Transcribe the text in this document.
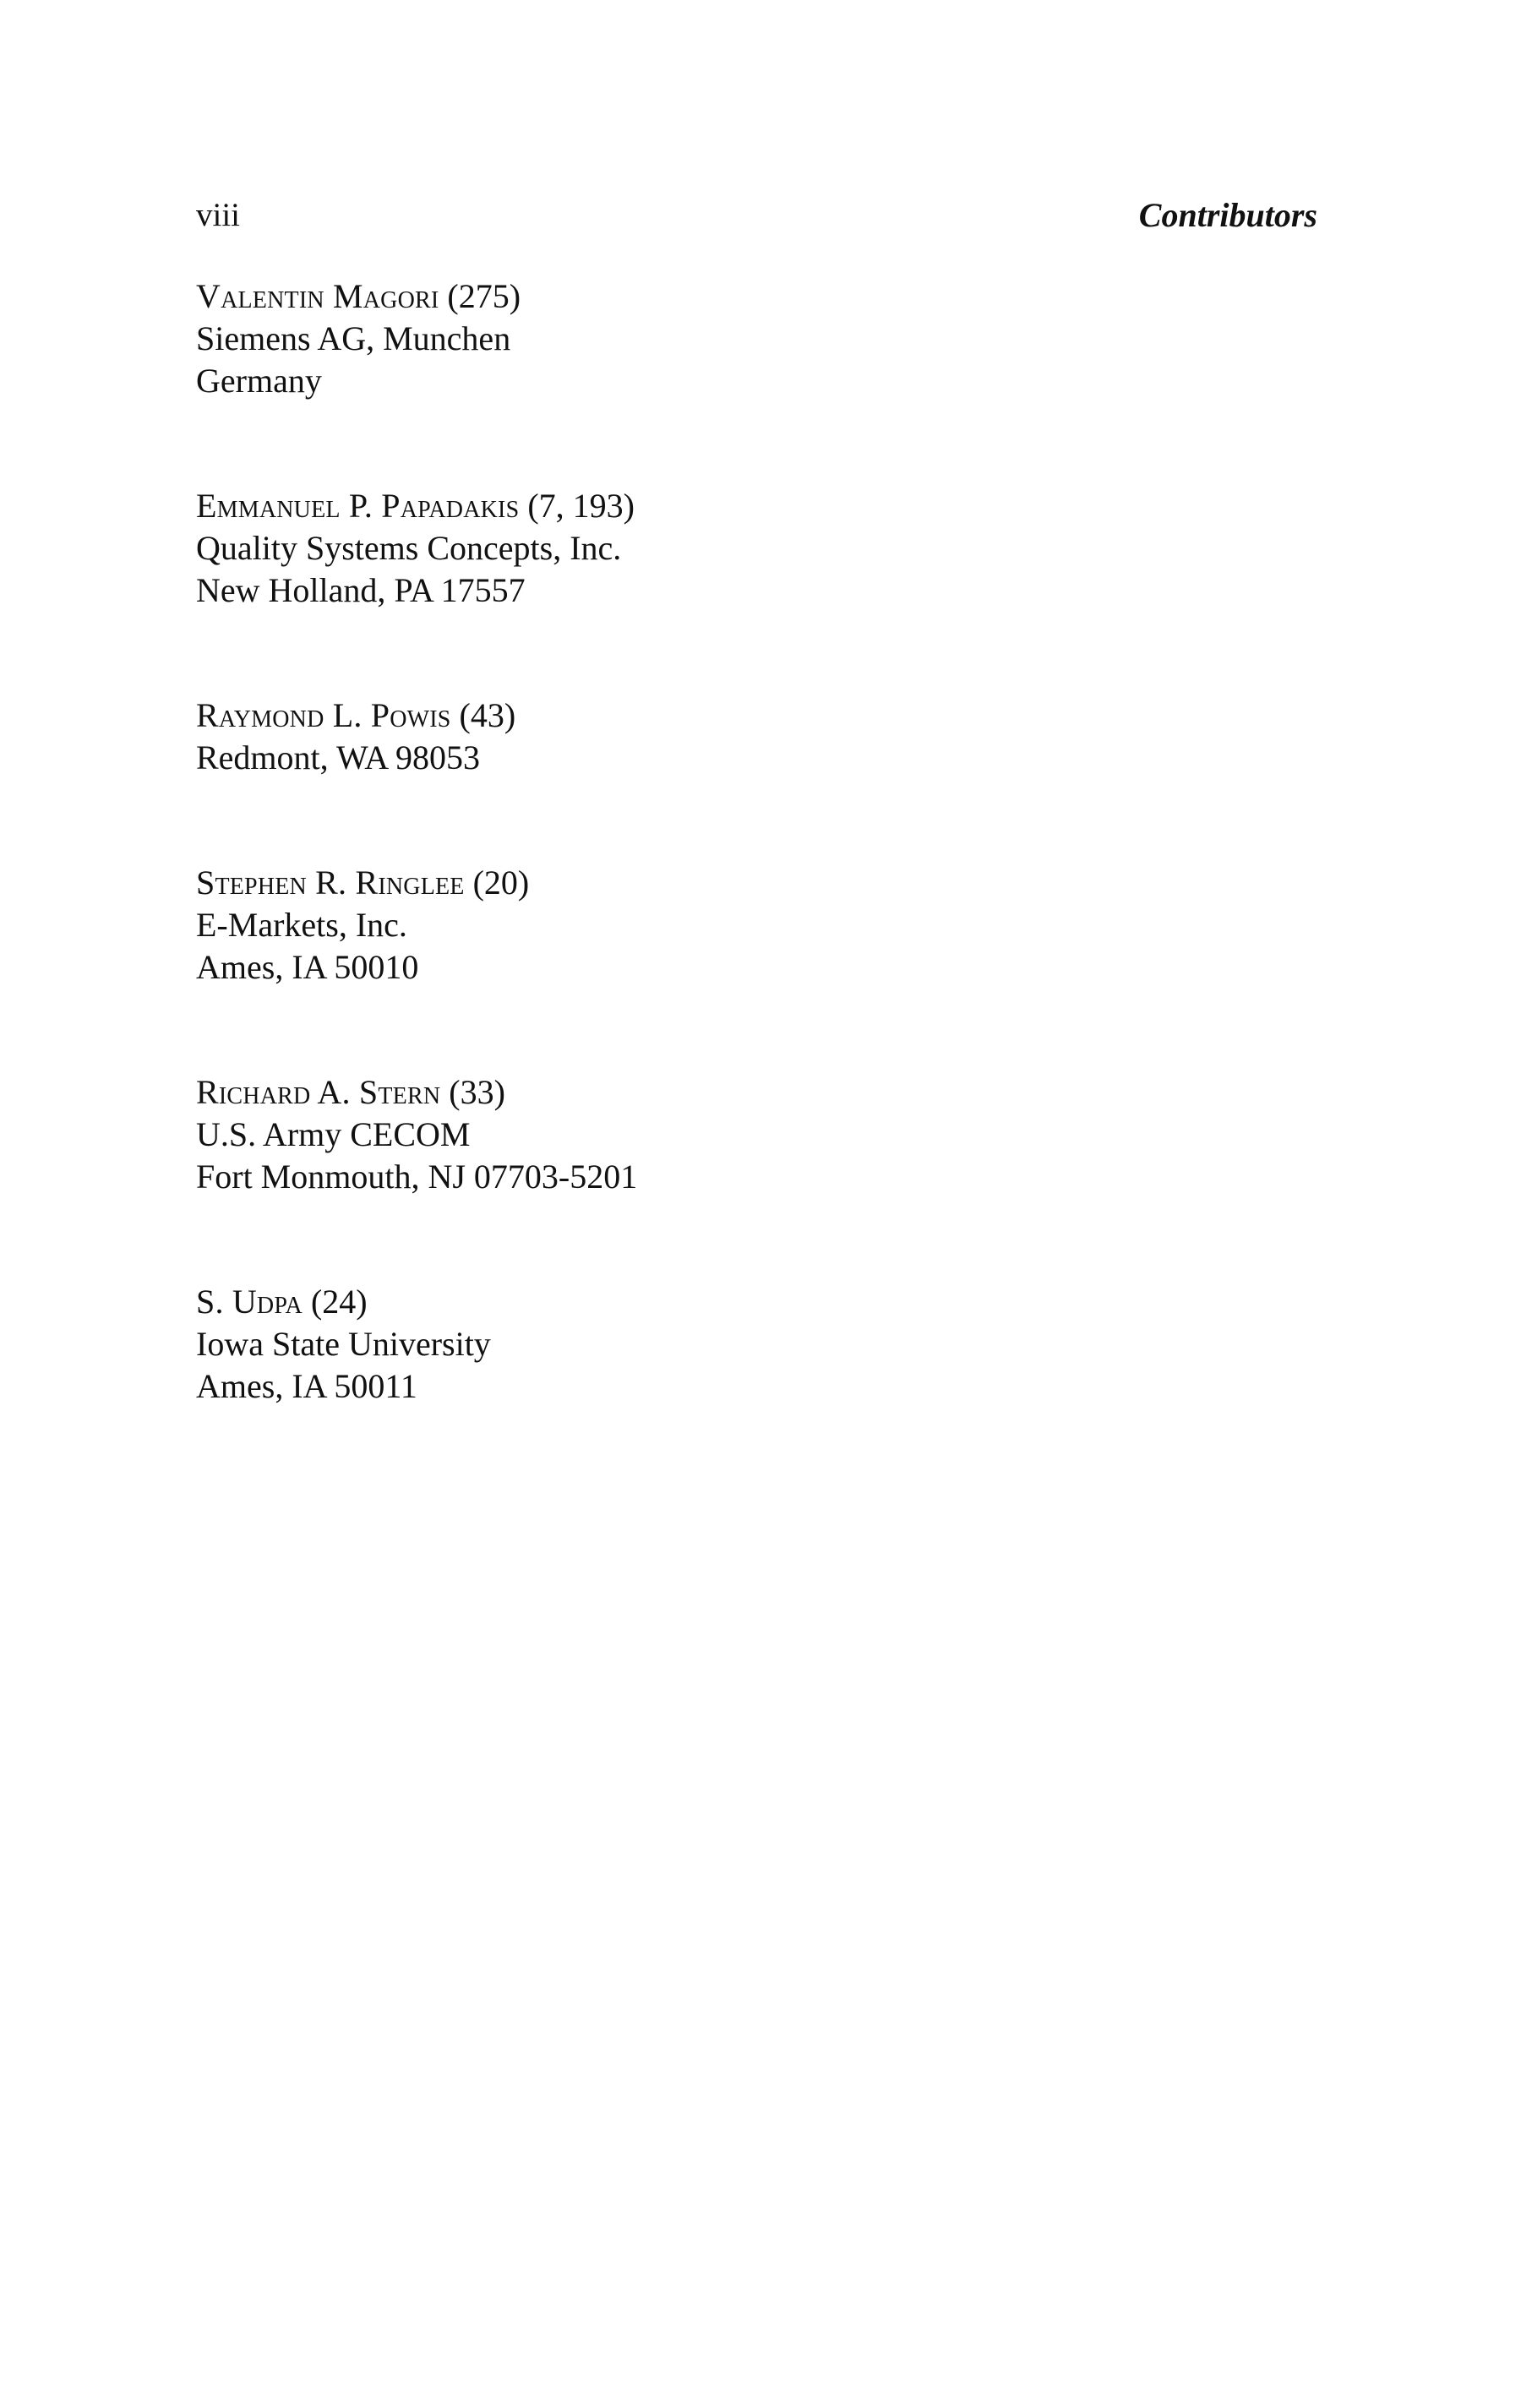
viii	Contributors
Valentin Magori (275)
Siemens AG, Munchen
Germany
Emmanuel P. Papadakis (7, 193)
Quality Systems Concepts, Inc.
New Holland, PA 17557
Raymond L. Powis (43)
Redmont, WA 98053
Stephen R. Ringlee (20)
E-Markets, Inc.
Ames, IA 50010
Richard A. Stern (33)
U.S. Army CECOM
Fort Monmouth, NJ 07703-5201
S. Udpa (24)
Iowa State University
Ames, IA 50011
